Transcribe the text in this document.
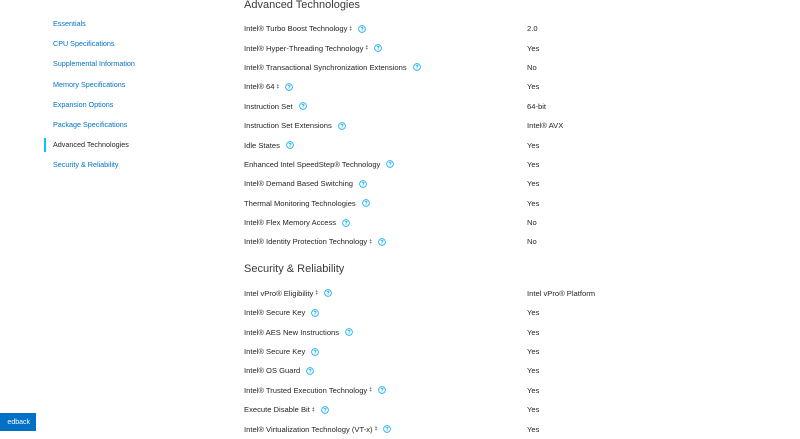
Essentials
CPU Specifications
Supplemental Information
Memory Specifications
Expansion Options
Package Specifications
Advanced Technologies
Security & Reliability
Advanced Technologies
Intel® Turbo Boost Technology ‡	2.0
Intel® Hyper-Threading Technology ‡	Yes
Intel® Transactional Synchronization Extensions	No
Intel® 64 ‡	Yes
Instruction Set	64-bit
Instruction Set Extensions	Intel® AVX
Idle States	Yes
Enhanced Intel SpeedStep® Technology	Yes
Intel® Demand Based Switching	Yes
Thermal Monitoring Technologies	Yes
Intel® Flex Memory Access	No
Intel® Identity Protection Technology ‡	No
Security & Reliability
Intel vPro® Eligibility ‡	Intel vPro® Platform
Intel® Secure Key	Yes
Intel® AES New Instructions	Yes
Intel® Secure Key	Yes
Intel® OS Guard	Yes
Intel® Trusted Execution Technology ‡	Yes
Execute Disable Bit ‡	Yes
Intel® Virtualization Technology (VT-x) ‡	Yes
edback
